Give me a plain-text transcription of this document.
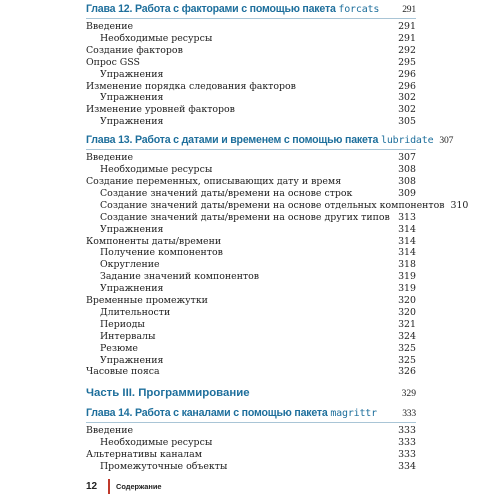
Глава 12. Работа с факторами с помощью пакета forcats	291
Введение	291
Необходимые ресурсы	291
Создание факторов	292
Опрос GSS	295
Упражнения	296
Изменение порядка следования факторов	296
Упражнения	302
Изменение уровней факторов	302
Упражнения	305
Глава 13. Работа с датами и временем с помощью пакета lubridate 307
Введение	307
Необходимые ресурсы	308
Создание переменных, описывающих дату и время	308
Создание значений даты/времени на основе строк	309
Создание значений даты/времени на основе отдельных компонентов 310
Создание значений даты/времени на основе других типов 313
Упражнения	314
Компоненты даты/времени	314
Получение компонентов	314
Округление	318
Задание значений компонентов	319
Упражнения	319
Временные промежутки	320
Длительности	320
Периоды	321
Интервалы	324
Резюме	325
Упражнения	325
Часовые пояса	326
Часть III. Программирование	329
Глава 14. Работа с каналами с помощью пакета magrittr	333
Введение	333
Необходимые ресурсы	333
Альтернативы каналам	333
Промежуточные объекты	334
12	Содержание
